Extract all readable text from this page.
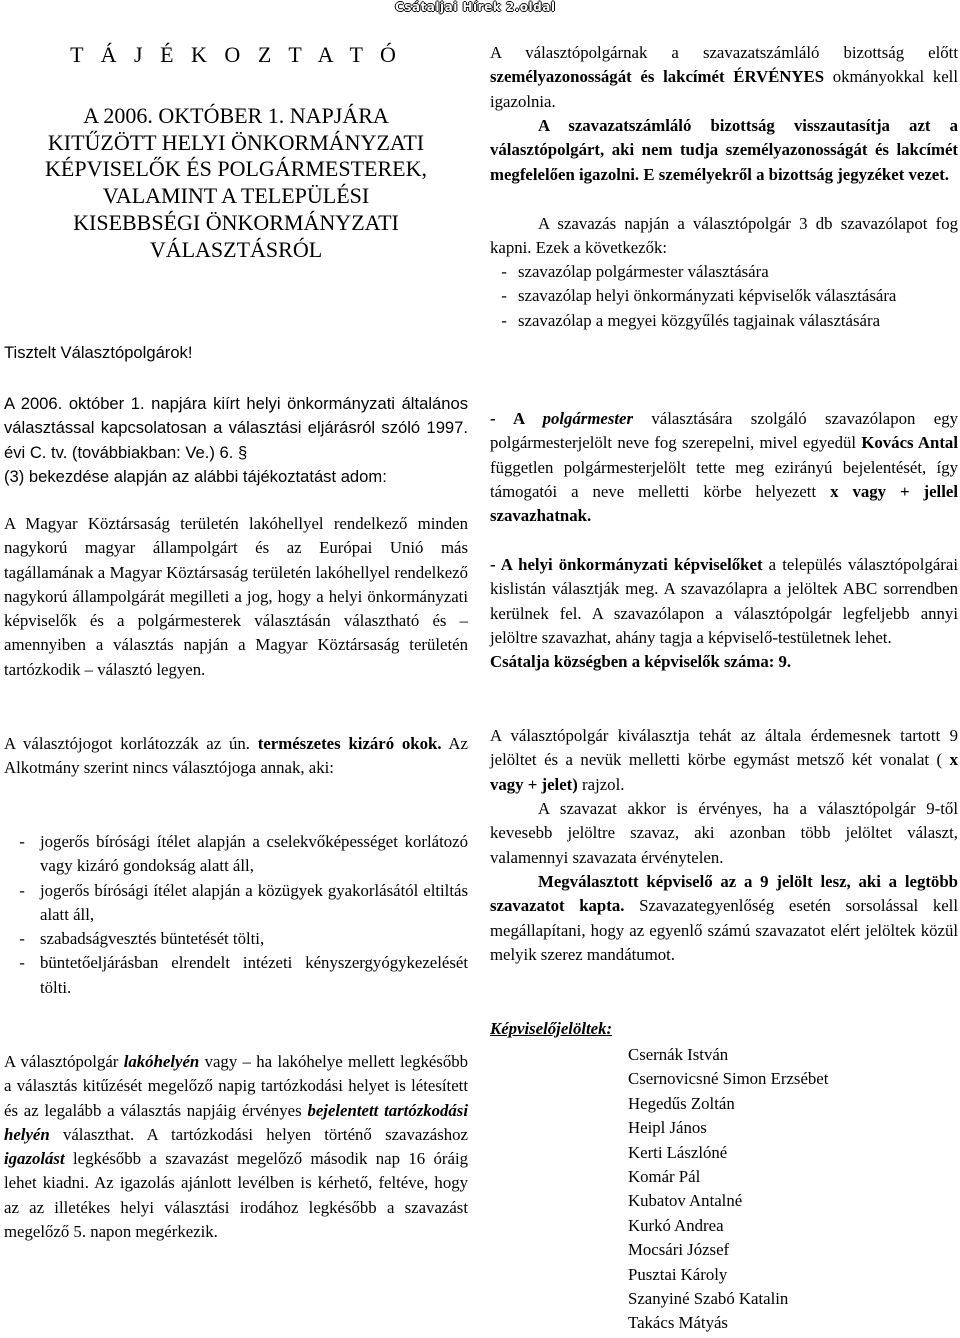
Csátaljai Hírek 2.oldal
T Á J É K O Z T A T Ó
A 2006. OKTÓBER 1. NAPJÁRA
KITŰZÖTT HELYI ÖNKORMÁNYZATI
KÉPVISELŐK ÉS POLGÁRMESTEREK,
VALAMINT A TELEPÜLÉSI
KISEBBSÉGI ÖNKORMÁNYZATI
VÁLASZTÁSRÓL

Tisztelt Választópolgárok!

A 2006. október 1. napjára kiírt helyi önkormányzati általános választással kapcsolatosan a választási eljárásról szóló 1997. évi C. tv. (továbbiakban: Ve.) 6. §
(3) bekezdése alapján az alábbi tájékoztatást adom:

A Magyar Köztársaság területén lakóhellyel rendelkező minden nagykorú magyar állampolgárt és az Európai Unió más tagállamának a Magyar Köztársaság területén lakóhellyel rendelkező nagykorú állampolgárát megilleti a jog, hogy a helyi önkormányzati képviselők és a polgármesterek választásán választható és – amennyiben a választás napján a Magyar Köztársaság területén tartózkodik – választó legyen.

A választójogot korlátozzák az ún. természetes kizáró okok. Az Alkotmány szerint nincs választójoga annak, aki:

- jogerős bírósági ítélet alapján a cselekvőképességet korlátozó vagy kizáró gondokság alatt áll,
- jogerős bírósági ítélet alapján a közügyek gyakorlásától eltiltás alatt áll,
- szabadságvesztés büntetését tölti,
- büntetőeljárásban elrendelt intézeti kényszergyógykezelését tölti.

A választópolgár lakóhelyén vagy – ha lakóhelye mellett legkésőbb a választás kitűzését megelőző napig tartózkodási helyet is létesített és az legalább a választás napjáig érvényes bejelentett tartózkodási helyén választhat. A tartózkodási helyen történő szavazáshoz igazolást legkésőbb a szavazást megelőző második nap 16 óráig lehet kiadni. Az igazolás ajánlott levélben is kérhető, feltéve, hogy az az illetékes helyi választási irodához legkésőbb a szavazást megelőző 5. napon megérkezik.

A választópolgárnak a szavazatszámláló bizottság előtt személyazonosságát és lakcímét ÉRVÉNYES okmányokkal kell igazolnia.

A szavazatszámláló bizottság visszautasítja azt a választópolgárt, aki nem tudja személyazonosságát és lakcímét megfelelően igazolni. E személyekről a bizottság jegyzéket vezet.

A szavazás napján a választópolgár 3 db szavazólapot fog kapni. Ezek a következők:

- szavazólap polgármester választására
- szavazólap helyi önkormányzati képviselők választására
- szavazólap a megyei közgyűlés tagjainak választására

- A polgármester választására szolgáló szavazólapon egy polgármesterjelölt neve fog szerepelni, mivel egyedül Kovács Antal független polgármesterjelölt tette meg ezirányú bejelentését, így támogatói a neve melletti körbe helyezett x vagy + jellel szavazhatnak.

- A helyi önkormányzati képviselőket a település választópolgárai kislistán választják meg. A szavazólapra a jelöltek ABC sorrendben kerülnek fel. A szavazólapon a választópolgár legfeljebb annyi jelöltre szavazhat, ahány tagja a képviselő-testületnek lehet.
Csátalja községben a képviselők száma: 9.

A választópolgár kiválasztja tehát az általa érdemesnek tartott 9 jelöltet és a nevük melletti körbe egymást metsző két vonalat ( x vagy + jelet) rajzol.

A szavazat akkor is érvényes, ha a választópolgár 9-től kevesebb jelöltre szavaz, aki azonban több jelöltet választ, valamennyi szavazata érvénytelen.

Megválasztott képviselő az a 9 jelölt lesz, aki a legtöbb szavazatot kapta. Szavazategyenlőség esetén sorsolással kell megállapítani, hogy az egyenlő számú szavazatot elért jelöltek közül melyik szerez mandátumot.

Képviselőjelöltek:

Csernák István
Csernovicsné Simon Erzsébet
Hegedűs Zoltán
Heipl János
Kerti Lászlóné
Komár Pál
Kubatov Antalné
Kurkó Andrea
Mocsári József
Pusztai Károly
Szanyiné Szabó Katalin
Takács Mátyás
